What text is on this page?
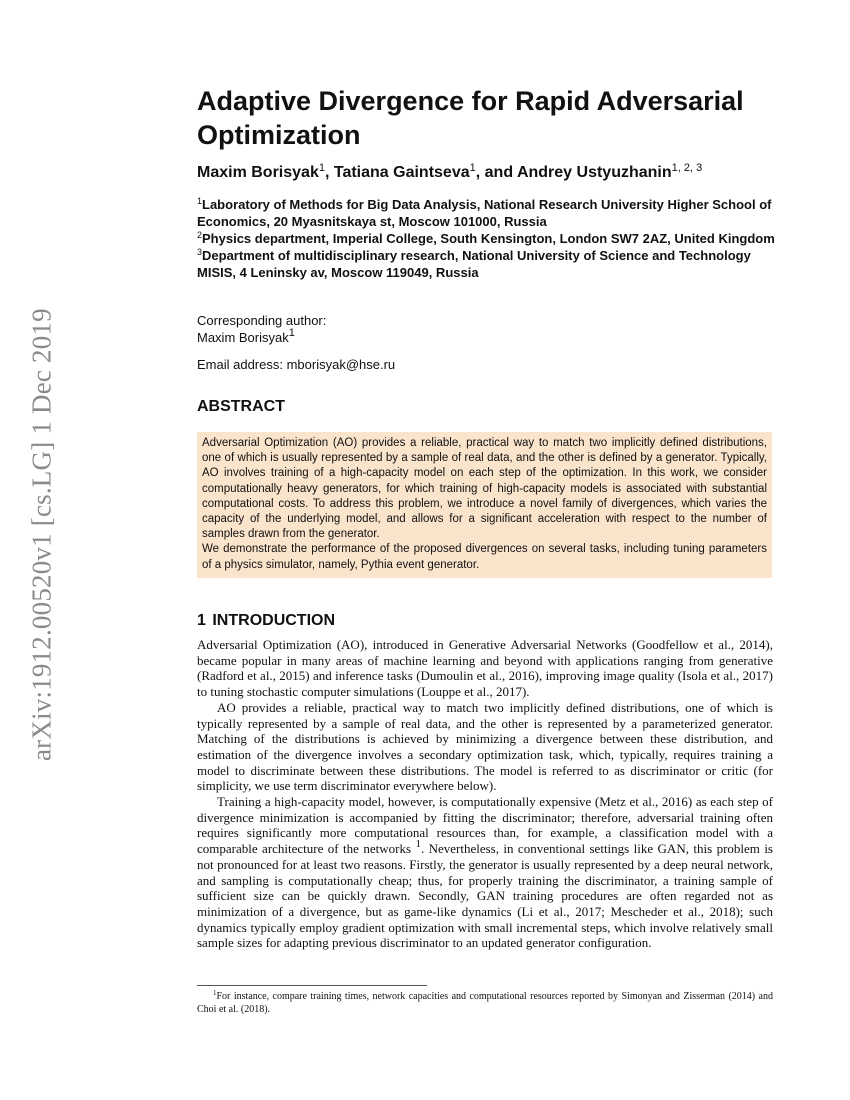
arXiv:1912.00520v1 [cs.LG] 1 Dec 2019
Adaptive Divergence for Rapid Adversarial Optimization
Maxim Borisyak$^1$, Tatiana Gaintseva$^1$, and Andrey Ustyuzhanin$^{1, 2, 3}$

$^1$Laboratory of Methods for Big Data Analysis, National Research University Higher School of Economics, 20 Myasnitskaya st, Moscow 101000, Russia

$^2$Physics department, Imperial College, South Kensington, London SW7 2AZ, United Kingdom

$^3$Department of multidisciplinary research, National University of Science and Technology MISIS, 4 Leninsky av, Moscow 119049, Russia

Corresponding author:
Maxim Borisyak$^1$
Email address: mborisyak@hse.ru
ABSTRACT

Adversarial Optimization (AO) provides a reliable, practical way to match two implicitly defined distributions, one of which is usually represented by a sample of real data, and the other is defined by a generator. Typically, AO involves training of a high-capacity model on each step of the optimization. In this work, we consider computationally heavy generators, for which training of high-capacity models is associated with substantial computational costs. To address this problem, we introduce a novel family of divergences, which varies the capacity of the underlying model, and allows for a significant acceleration with respect to the number of samples drawn from the generator.

We demonstrate the performance of the proposed divergences on several tasks, including tuning parameters of a physics simulator, namely, Pythia event generator.

1 INTRODUCTION

Adversarial Optimization (AO), introduced in Generative Adversarial Networks (Goodfellow et al., 2014), became popular in many areas of machine learning and beyond with applications ranging from generative (Radford et al., 2015) and inference tasks (Dumoulin et al., 2016), improving image quality (Isola et al., 2017) to tuning stochastic computer simulations (Louppe et al., 2017).

AO provides a reliable, practical way to match two implicitly defined distributions, one of which is typically represented by a sample of real data, and the other is represented by a parameterized generator. Matching of the distributions is achieved by minimizing a divergence between these distribution, and estimation of the divergence involves a secondary optimization task, which, typically, requires training a model to discriminate between these distributions. The model is referred to as discriminator or critic (for simplicity, we use term discriminator everywhere below).

Training a high-capacity model, however, is computationally expensive (Metz et al., 2016) as each step of divergence minimization is accompanied by fitting the discriminator; therefore, adversarial training often requires significantly more computational resources than, for example, a classification model with a comparable architecture of the networks $^1$. Nevertheless, in conventional settings like GAN, this problem is not pronounced for at least two reasons. Firstly, the generator is usually represented by a deep neural network, and sampling is computationally cheap; thus, for properly training the discriminator, a training sample of sufficient size can be quickly drawn. Secondly, GAN training procedures are often regarded not as minimization of a divergence, but as game-like dynamics (Li et al., 2017; Mescheder et al., 2018); such dynamics typically employ gradient optimization with small incremental steps, which involve relatively small sample sizes for adapting previous discriminator to an updated generator configuration.

$^1$For instance, compare training times, network capacities and computational resources reported by Simonyan and Zisserman (2014) and Choi et al. (2018).
